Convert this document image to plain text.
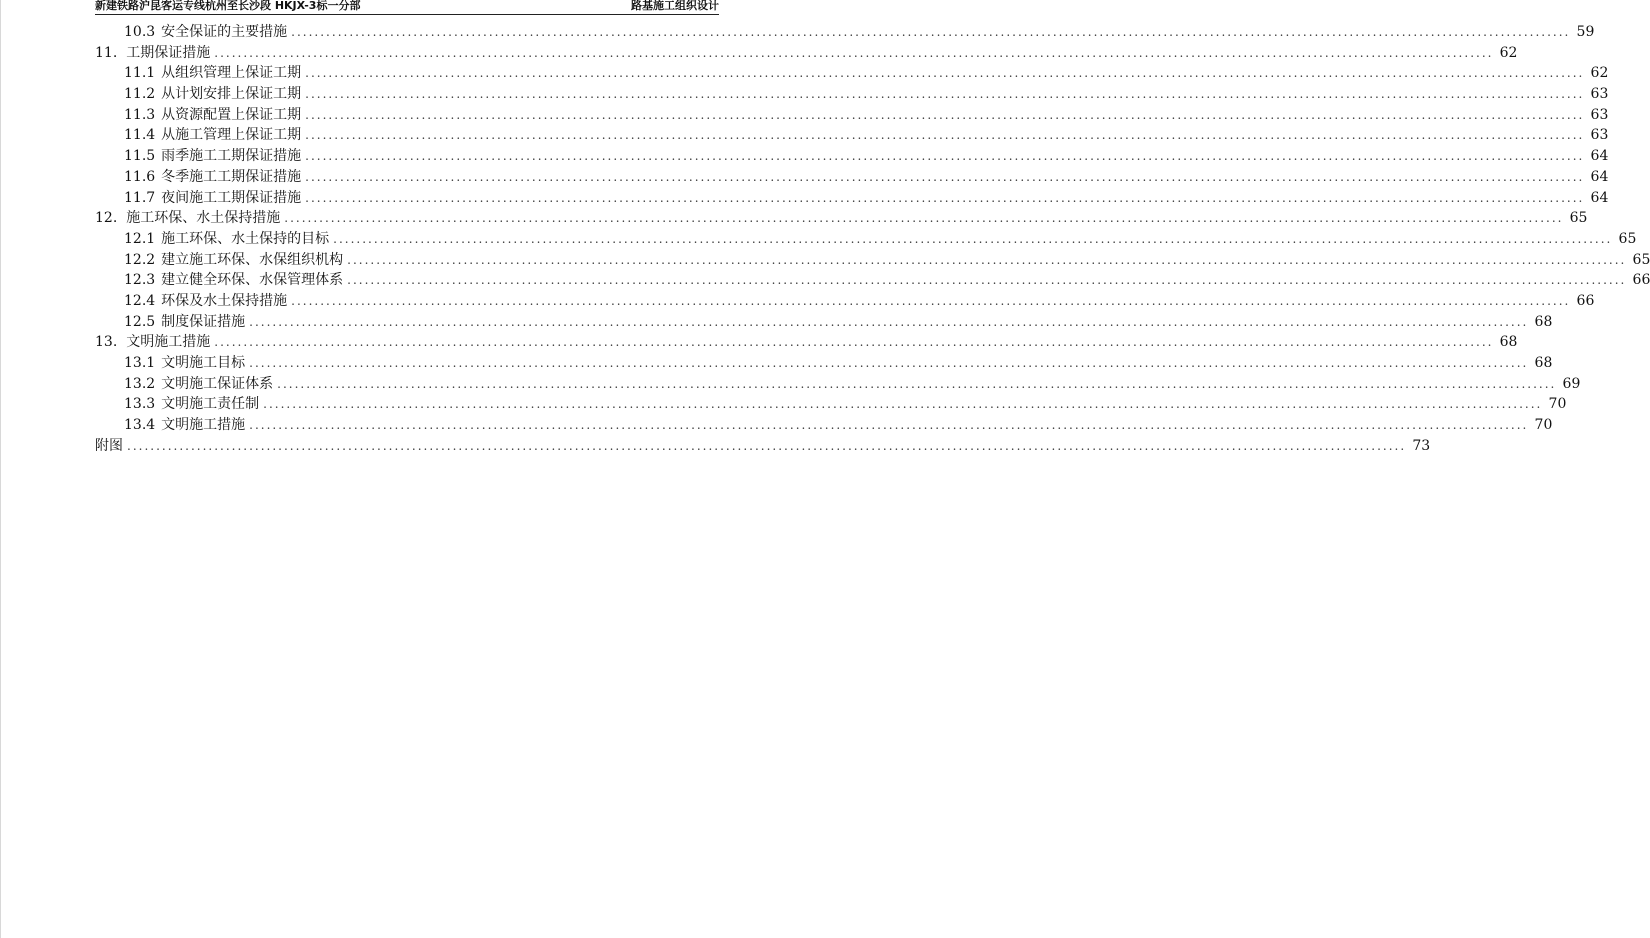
新建铁路沪昆客运专线杭州至长沙段 HKJX-3标一分部	路基施工组织设计
10.3 安全保证的主要措施 ............................................................................................................................................................................................................................ 59
11. 工期保证措施 ............................................................................................................................................................................................................................ 62
11.1 从组织管理上保证工期 ............................................................................................................................................................................................................................ 62
11.2 从计划安排上保证工期 ............................................................................................................................................................................................................................ 63
11.3 从资源配置上保证工期 ............................................................................................................................................................................................................................ 63
11.4 从施工管理上保证工期 ............................................................................................................................................................................................................................ 63
11.5 雨季施工工期保证措施 ............................................................................................................................................................................................................................ 64
11.6 冬季施工工期保证措施 ............................................................................................................................................................................................................................ 64
11.7 夜间施工工期保证措施 ............................................................................................................................................................................................................................ 64
12. 施工环保、水土保持措施 ............................................................................................................................................................................................................................ 65
12.1 施工环保、水土保持的目标 ............................................................................................................................................................................................................................ 65
12.2 建立施工环保、水保组织机构 ............................................................................................................................................................................................................................ 65
12.3 建立健全环保、水保管理体系 ............................................................................................................................................................................................................................ 66
12.4 环保及水土保持措施 ............................................................................................................................................................................................................................ 66
12.5 制度保证措施 ............................................................................................................................................................................................................................ 68
13. 文明施工措施 ............................................................................................................................................................................................................................ 68
13.1 文明施工目标 ............................................................................................................................................................................................................................ 68
13.2 文明施工保证体系 ............................................................................................................................................................................................................................ 69
13.3 文明施工责任制 ............................................................................................................................................................................................................................ 70
13.4 文明施工措施 ............................................................................................................................................................................................................................ 70
附图 ............................................................................................................................................................................................................................ 73
